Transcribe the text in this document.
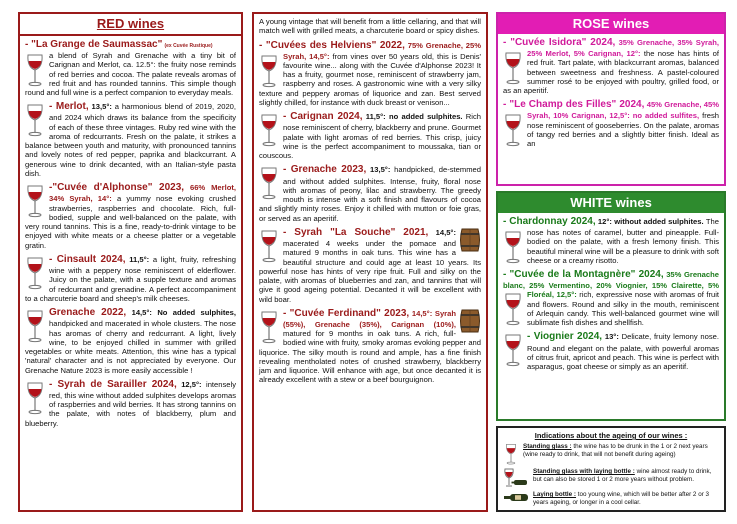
RED wines
- "La Grange de Saumassac" (ex Cuvée Rustique)
a blend of Syrah and Grenache with a tiny bit of Carignan and Merlot, ca. 12.5°: the fruity nose reminds of red berries and cocoa. The palate reveals aromas of red fruit and has rounded tannins. This simple though round and full wine is a perfect companion to everyday meals.
- Merlot, 13,5°: a harmonious blend of 2019, 2020, and 2024 which draws its balance from the specificity of each of these three vintages. Ruby red wine with the aroma of redcurrants. Fresh on the palate, it strikes a balance between youth and maturity, with pronounced tannins and lovely notes of red pepper, paprika and blackcurrant. A generous wine to drink decanted, with an Italian-style pasta dish.
-"Cuvée d'Alphonse" 2023, 66% Merlot, 34% Syrah, 14°: a yummy nose evoking crushed strawberries, raspberries and chocolate. Rich, full-bodied, supple and well-balanced on the palate, with very round tannins. This is a fine, ready-to-drink vintage to be enjoyed with white meats or a cheese platter or a vegetable gratin.
- Cinsault 2024, 11,5°: a light, fruity, refreshing wine with a peppery nose reminiscent of elderflower. Juicy on the palate, with a supple texture and aromas of redcurrant and grenadine. A perfect accompaniment to a charcuterie board and sheep's milk cheeses.
Grenache 2022, 14,5°: No added sulphites, handpicked and macerated in whole clusters. The nose has aromas of cherry and redcurrant. A light, lively wine, to be enjoyed chilled in summer with grilled vegetables or white meats. Attention, this wine has a typical 'natural' character and is not appreciated by everyone. Our Grenache Nature 2023 is more easily accessible !
- Syrah de Sarailler 2024, 12,5°: intensely red, this wine without added sulphites develops aromas of raspberries and wild berries. It has strong tannins on the palate, with notes of blackberry, plum and blueberry.
A young vintage that will benefit from a little cellaring, and that will match well with grilled meats, a charcuterie board or spicy dishes.
- "Cuvées des Helviens" 2022, 75% Grenache, 25% Syrah, 14,5°: from vines over 50 years old, this is Denis' favourite wine... along with the Cuvée d'Alphonse 2023! It has a fruity, gourmet nose, reminiscent of strawberry jam, raspberry and roses. A gastronomic wine with a very silky texture and peppery aromas of liquorice and zan. Best served slightly chilled, for instance with duck breast or venison...
- Carignan 2024, 11,5°: no added sulphites. Rich nose reminiscent of cherry, blackberry and prune. Gourmet palate with light aromas of red berries. This crisp, juicy wine is the perfect accompaniment to moussaka, tian or couscous.
- Grenache 2023, 13,5°: handpicked, de-stemmed and without added sulphites. Intense, fruity, floral nose with aromas of peony, lilac and strawberry. The greedy mouth is intense with a soft finish and flavours of cocoa and slightly minty roses. Enjoy it chilled with mutton or foie gras, or served as an aperitif.
- Syrah "La Souche" 2021, 14,5°: macerated 4 weeks under the pomace and matured 9 months in oak tuns. This wine has a beautiful structure and could age at least 10 years. Its powerful nose has hints of very ripe fruit. Full and silky on the palate, with aromas of blueberries and zan, and tannins that will give it good ageing potential. Decanted it will be excellent with wild boar.
- "Cuvée Ferdinand" 2023, 14,5°: Syrah (55%), Grenache (35%), Carignan (10%), matured for 9 months in oak tuns. A rich, full-bodied wine with fruity, smoky aromas evoking pepper and liquorice. The silky mouth is round and ample, has a fine finish revealing mentholated notes of crushed strawberry, blackberry jam and liquorice. Will enhance with age, but once decanted it is already excellent with a stew or a beef bourguignon.
ROSE wines
- "Cuvée Isidora" 2024, 35% Grenache, 35% Syrah, 25% Merlot, 5% Carignan, 12°: the nose has hints of red fruit. Tart palate, with blackcurrant aromas, balanced between sweetness and freshness. A pastel-coloured summer rosé to be enjoyed with poultry, grilled food, or as an aperitif.
- "Le Champ des Filles" 2024, 45% Grenache, 45% Syrah, 10% Carignan, 12,5°: no added sulfites, fresh nose reminiscent of gooseberries. On the palate, aromas of tangy red berries and a slightly bitter finish. Ideal as an
WHITE wines
- Chardonnay 2024, 12°: without added sulphites. The nose has notes of caramel, butter and pineapple. Full-bodied on the palate, with a fresh lemony finish. This beautiful mineral wine will be a pleasure to drink with soft cheese or a creamy risotto.
- "Cuvée de la Montagnère" 2024, 35% Grenache blanc, 25% Vermentino, 20% Viognier, 15% Clairette, 5% Floréal, 12,5°: rich, expressive nose with aromas of fruit and flowers. Round and silky in the mouth, reminiscent of Arlequin candy. This well-balanced gourmet wine will sublimate fish dishes and shellfish.
- Viognier 2024, 13°: Delicate, fruity lemony nose. Round and elegant on the palate, with powerful aromas of citrus fruit, apricot and peach. This wine is perfect with asparagus, goat cheese or simply as an aperitif.
Indications about the ageing of our wines :
Standing glass : the wine has to be drunk in the 1 or 2 next years (wine ready to drink, that will not benefit during ageing)
Standing glass with laying bottle : wine almost ready to drink, but can also be stored 1 or 2 more years without problem.
Laying bottle : too young wine, which will be better after 2 or 3 years ageing, or longer in a cool cellar.
